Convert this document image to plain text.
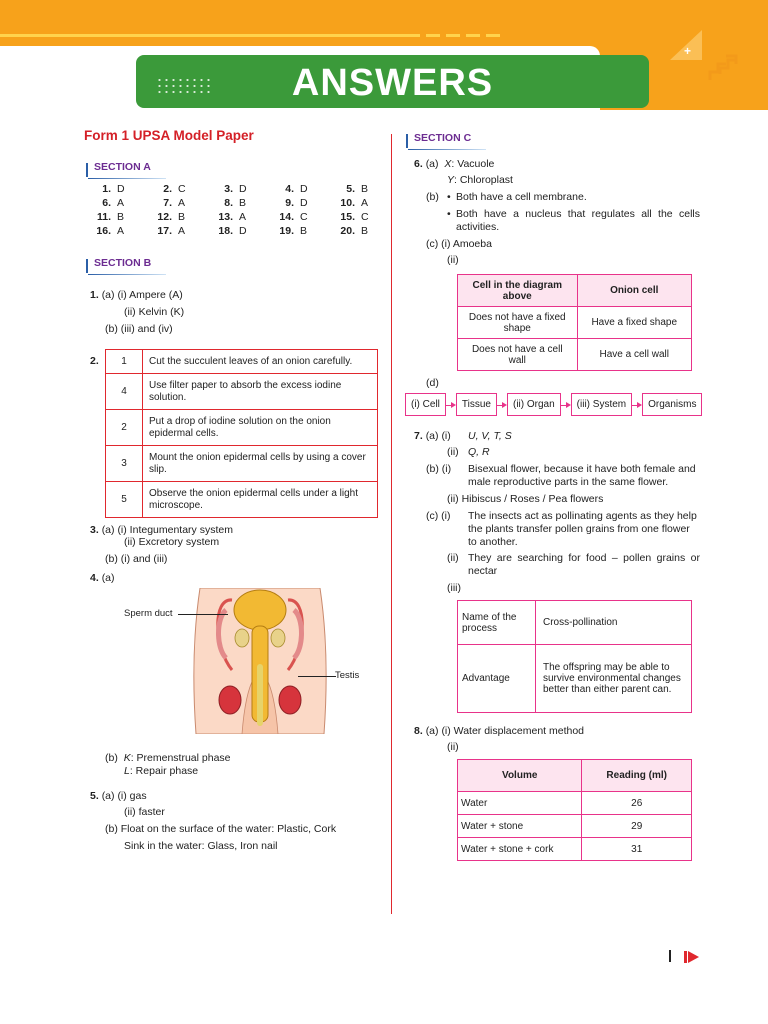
+
ANSWERS
Form 1 UPSA Model Paper
SECTION A
1. D	2. C	3. D	4. D	5. B
6. A	7. A	8. B	9. D	10. A
11. B	12. B	13. A	14. C	15. C
16. A	17. A	18. D	19. B	20. B
SECTION B
1. (a) (i) Ampere (A)
(ii) Kelvin (K)
(b) (iii) and (iv)
2. 1	Cut the succulent leaves of an onion carefully.
4	Use filter paper to absorb the excess iodine solution.
2	Put a drop of iodine solution on the onion epidermal cells.
3	Mount the onion epidermal cells by using a cover slip.
5	Observe the onion epidermal cells under a light microscope.
3. (a) (i) Integumentary system
(ii) Excretory system
(b) (i) and (iii)
4. (a)
Sperm duct
Testis
(b) K: Premenstrual phase
L: Repair phase
5. (a) (i) gas
(ii) faster
(b) Float on the surface of the water: Plastic, Cork
Sink in the water: Glass, Iron nail
SECTION C
6. (a) X: Vacuole
Y: Chloroplast
(b) • Both have a cell membrane.
• Both have a nucleus that regulates all the cells activities.
(c) (i) Amoeba
(ii)
Cell in the diagram above	Onion cell
Does not have a fixed shape	Have a fixed shape
Does not have a cell wall	Have a cell wall
(d)
(i) Cell	Tissue	(ii) Organ	(iii) System	Organisms
7. (a) (i) U, V, T, S
(ii) Q, R
(b) (i) Bisexual flower, because it have both female and male reproductive parts in the same flower.
(ii) Hibiscus / Roses / Pea flowers
(c) (i) The insects act as pollinating agents as they help the plants transfer pollen grains from one flower to another.
(ii) They are searching for food – pollen grains or nectar
(iii)
Name of the process	Cross-pollination
Advantage	The offspring may be able to survive environmental changes better than either parent can.
8. (a) (i) Water displacement method
(ii)
Volume	Reading (ml)
Water	26
Water + stone	29
Water + stone + cork	31
